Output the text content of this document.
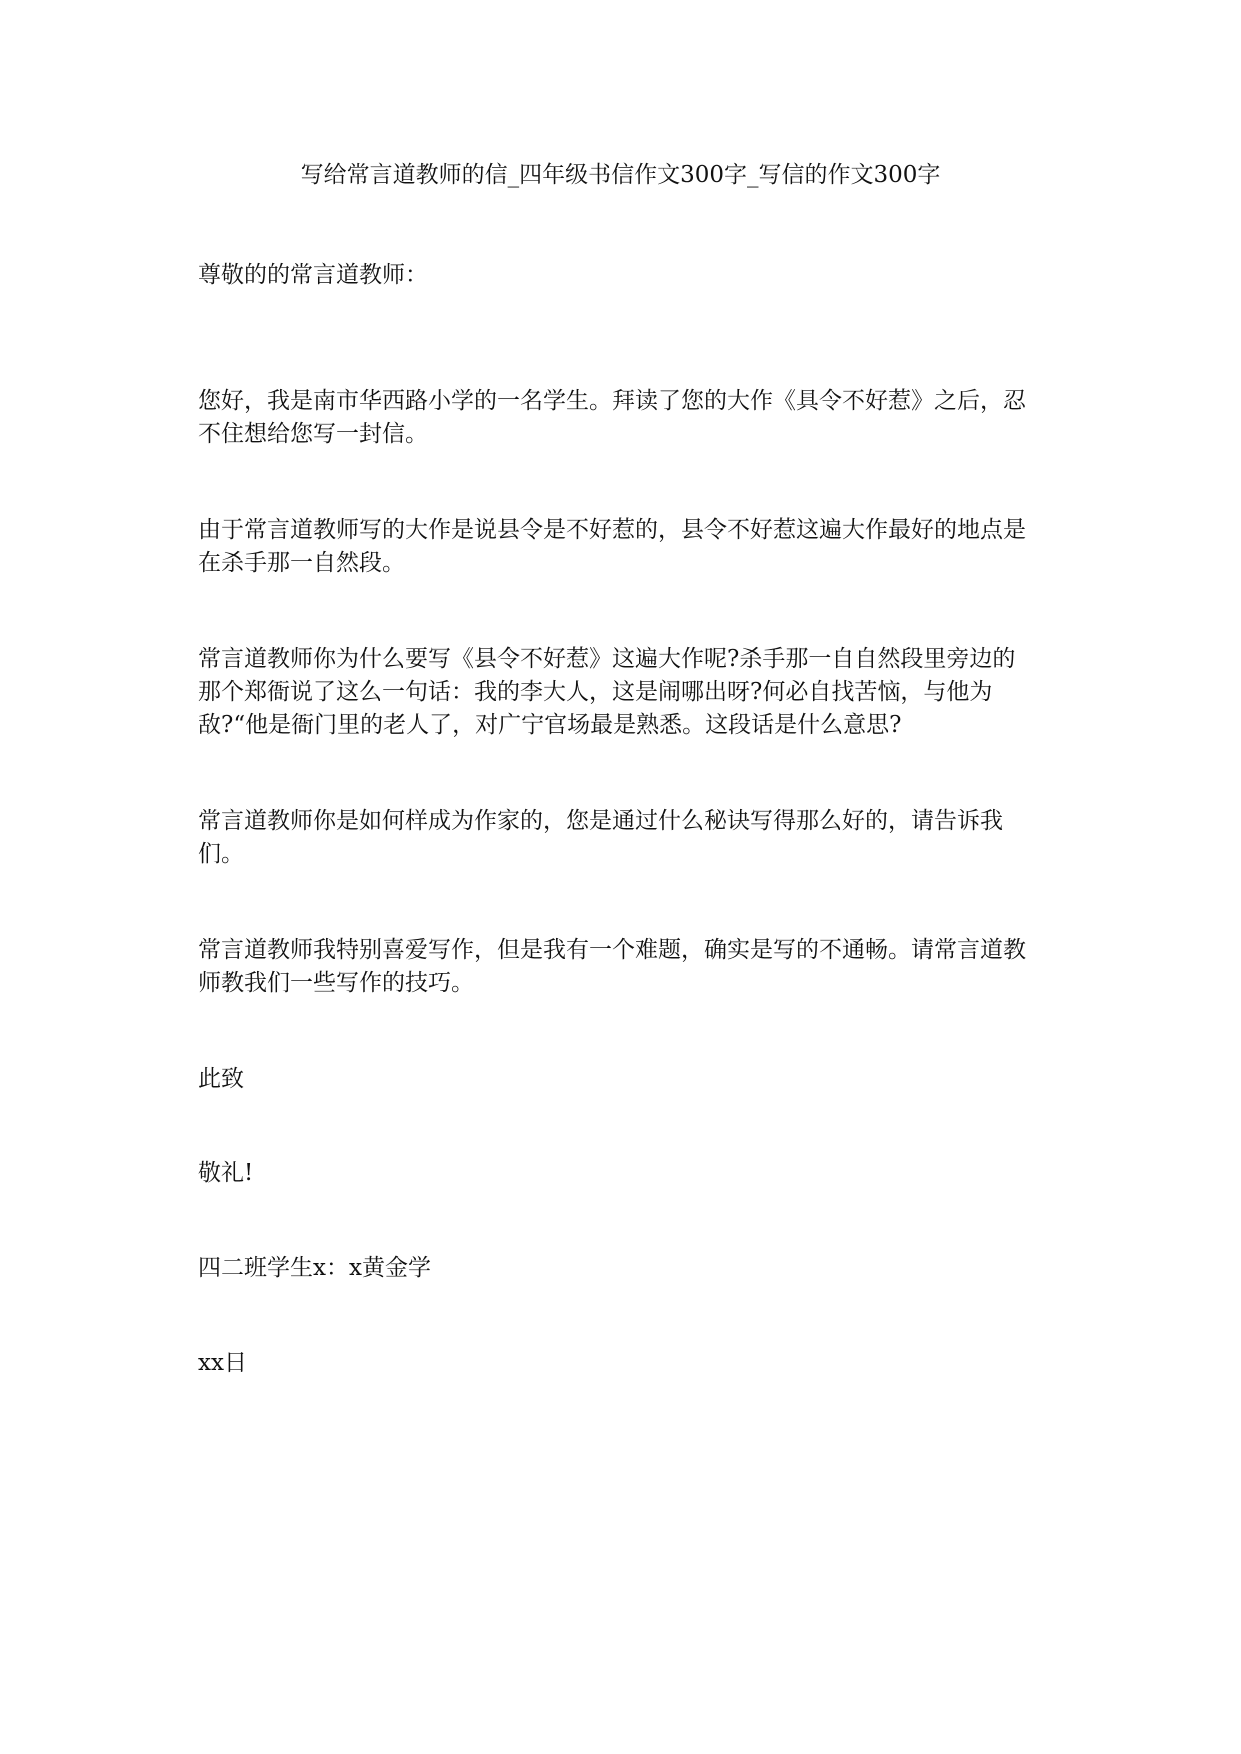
写给常言道教师的信_四年级书信作文300字_写信的作文300字

尊敬的的常言道教师：

您好，我是南市华西路小学的一名学生。拜读了您的大作《具令不好惹》之后，忍不住想给您写一封信。

由于常言道教师写的大作是说县令是不好惹的，县令不好惹这遍大作最好的地点是在杀手那一自然段。

常言道教师你为什么要写《县令不好惹》这遍大作呢?杀手那一自自然段里旁边的那个郑衙说了这么一句话：我的李大人，这是闹哪出呀?何必自找苦恼，与他为敌?“他是衙门里的老人了，对广宁官场最是熟悉。这段话是什么意思?

常言道教师你是如何样成为作家的，您是通过什么秘诀写得那么好的，请告诉我们。

常言道教师我特别喜爱写作，但是我有一个难题，确实是写的不通畅。请常言道教师教我们一些写作的技巧。

此致

敬礼!

四二班学生x：x黄金学

xx日
